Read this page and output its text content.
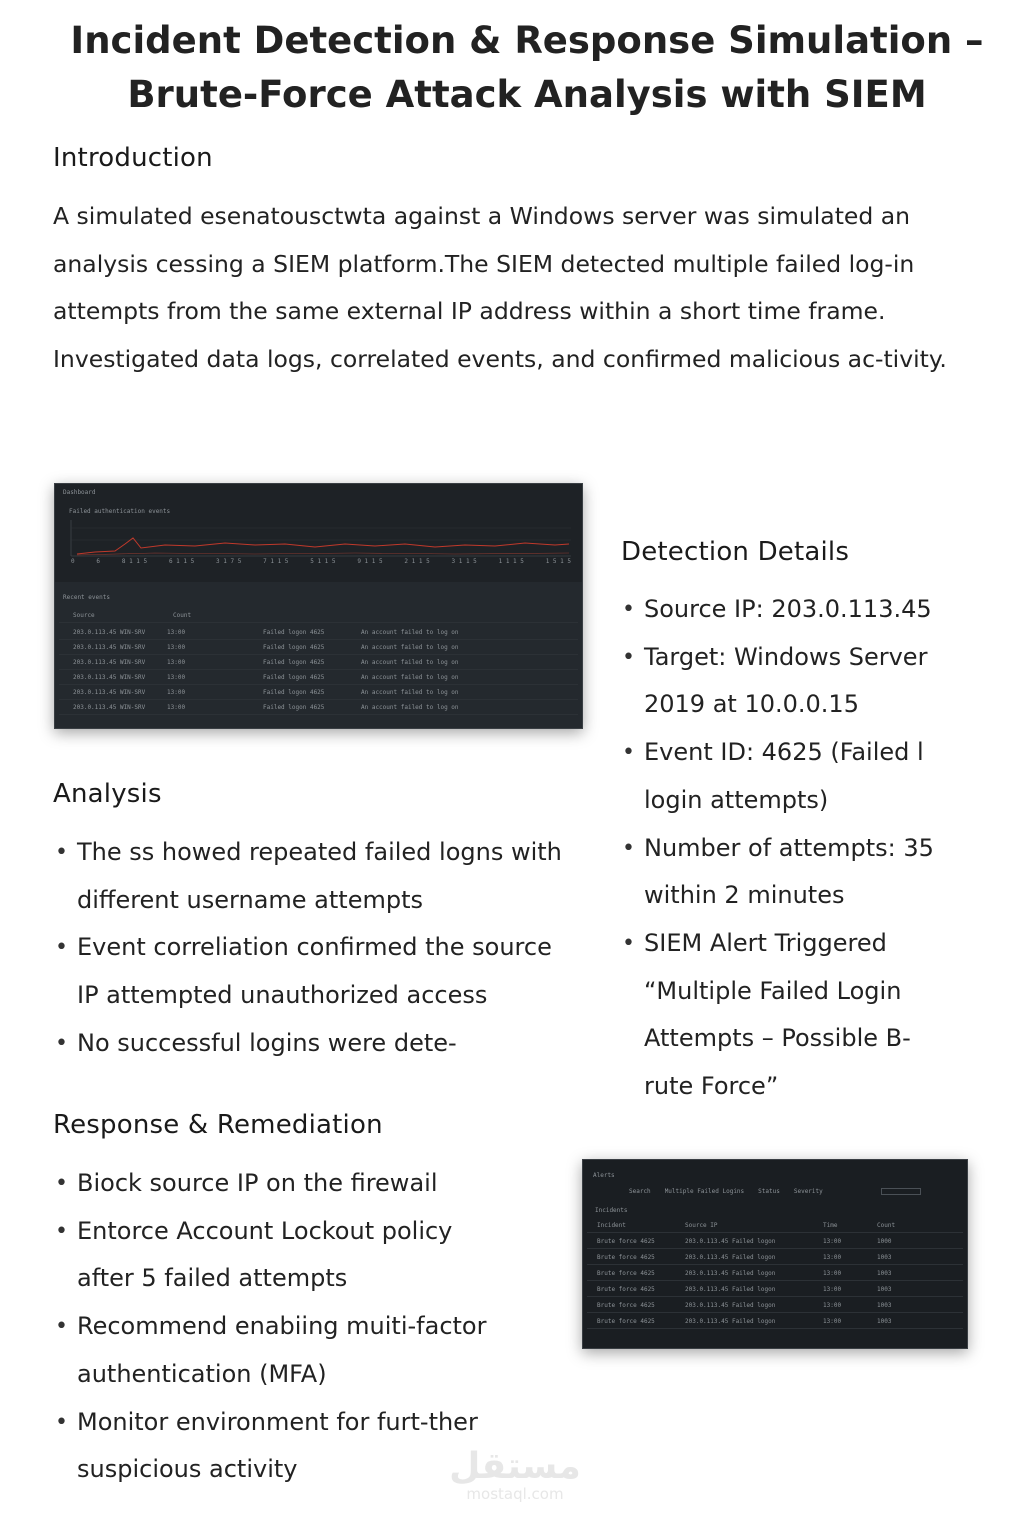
Incident Detection & Response Simulation –
Brute-Force Attack Analysis with SIEM
Introduction

A simulated esenatousctwta against a Windows server was simulated an analysis cessing a SIEM platform.The SIEM detected multiple failed log-in attempts from the same external IP address within a short time frame. Investigated data logs, correlated events, and confirmed malicious ac-tivity.

Dashboard
Failed authentication events
0	6	8 1 1 5	6 1 1 5	3 1 7 5	7 1 1 5	5 1 1 5	9 1 1 5	2 1 1 5	3 1 1 5	1 1 1 5	1 5 1 5
Recent events
Source	Count
203.0.113.45 WIN-SRV	13:00	Failed logon 4625	An account failed to log on
203.0.113.45 WIN-SRV	13:00	Failed logon 4625	An account failed to log on
203.0.113.45 WIN-SRV	13:00	Failed logon 4625	An account failed to log on
203.0.113.45 WIN-SRV	13:00	Failed logon 4625	An account failed to log on
203.0.113.45 WIN-SRV	13:00	Failed logon 4625	An account failed to log on
203.0.113.45 WIN-SRV	13:00	Failed logon 4625	An account failed to log on
Detection Details
• Source IP: 203.0.113.45
• Target: Windows Server 2019 at 10.0.0.15
• Event ID: 4625 (Failed l login attempts)
• Number of attempts: 35 within 2 minutes
• SIEM Alert Triggered “Multiple Failed Login Attempts – Possible B-rute Force”
Analysis
• The ss howed repeated failed logns with different username attempts
• Event correliation confirmed the source IP attempted unauthorized access
• No successful logins were dete-
Response & Remediation
• Biock source IP on the firewail
• Entorce Account Lockout policy after 5 failed attempts
• Recommend enabiing muiti-factor authentication (MFA)
• Monitor environment for furt-ther suspicious activity
Alerts
Search Multiple Failed Logins Status Severity
Incidents
Incident	Source IP	Time	Count
Brute force 4625	203.0.113.45 Failed logon	13:00	1000
Brute force 4625	203.0.113.45 Failed logon	13:00	1003
Brute force 4625	203.0.113.45 Failed logon	13:00	1003
Brute force 4625	203.0.113.45 Failed logon	13:00	1003
Brute force 4625	203.0.113.45 Failed logon	13:00	1003
Brute force 4625	203.0.113.45 Failed logon	13:00	1003
مستقل
mostaql.com
